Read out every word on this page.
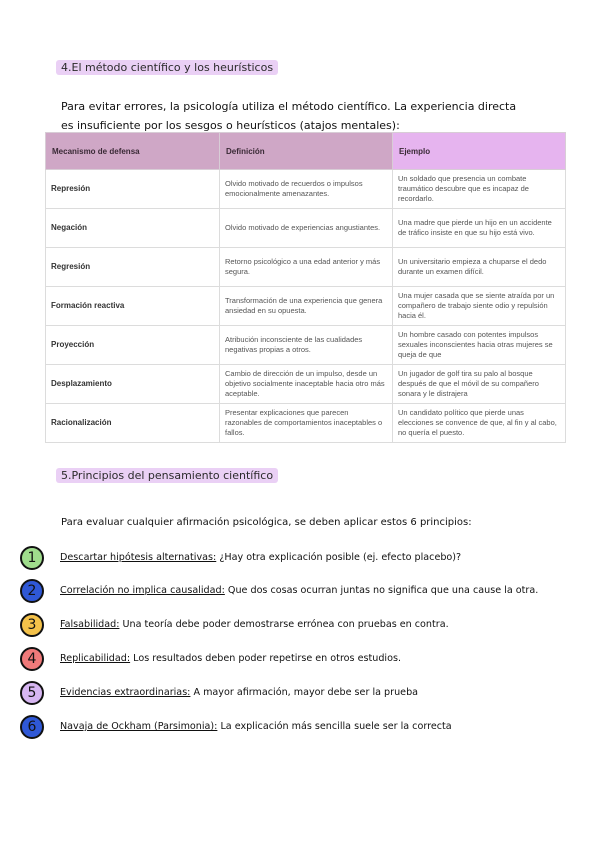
4.El método científico y los heurísticos
Para evitar errores, la psicología utiliza el método científico. La experiencia directa es insuficiente por los sesgos o heurísticos (atajos mentales):
Mecanismo de defensa	Definición	Ejemplo
Represión	Olvido motivado de recuerdos o impulsos emocionalmente amenazantes.	Un soldado que presencia un combate traumático descubre que es incapaz de recordarlo.
Negación	Olvido motivado de experiencias angustiantes.	Una madre que pierde un hijo en un accidente de tráfico insiste en que su hijo está vivo.
Regresión	Retorno psicológico a una edad anterior y más segura.	Un universitario empieza a chuparse el dedo durante un examen difícil.
Formación reactiva	Transformación de una experiencia que genera ansiedad en su opuesta.	Una mujer casada que se siente atraída por un compañero de trabajo siente odio y repulsión hacia él.
Proyección	Atribución inconsciente de las cualidades negativas propias a otros.	Un hombre casado con potentes impulsos sexuales inconscientes hacia otras mujeres se queja de que
Desplazamiento	Cambio de dirección de un impulso, desde un objetivo socialmente inaceptable hacia otro más aceptable.	Un jugador de golf tira su palo al bosque después de que el móvil de su compañero sonara y le distrajera
Racionalización	Presentar explicaciones que parecen razonables de comportamientos inaceptables o fallos.	Un candidato político que pierde unas elecciones se convence de que, al fin y al cabo, no quería el puesto.
5.Principios del pensamiento científico
Para evaluar cualquier afirmación psicológica, se deben aplicar estos 6 principios:
1	Descartar hipótesis alternativas: ¿Hay otra explicación posible (ej. efecto placebo)?
2	Correlación no implica causalidad: Que dos cosas ocurran juntas no significa que una cause la otra.
3	Falsabilidad: Una teoría debe poder demostrarse errónea con pruebas en contra.
4	Replicabilidad: Los resultados deben poder repetirse en otros estudios.
5	Evidencias extraordinarias: A mayor afirmación, mayor debe ser la prueba
6	Navaja de Ockham (Parsimonia): La explicación más sencilla suele ser la correcta
